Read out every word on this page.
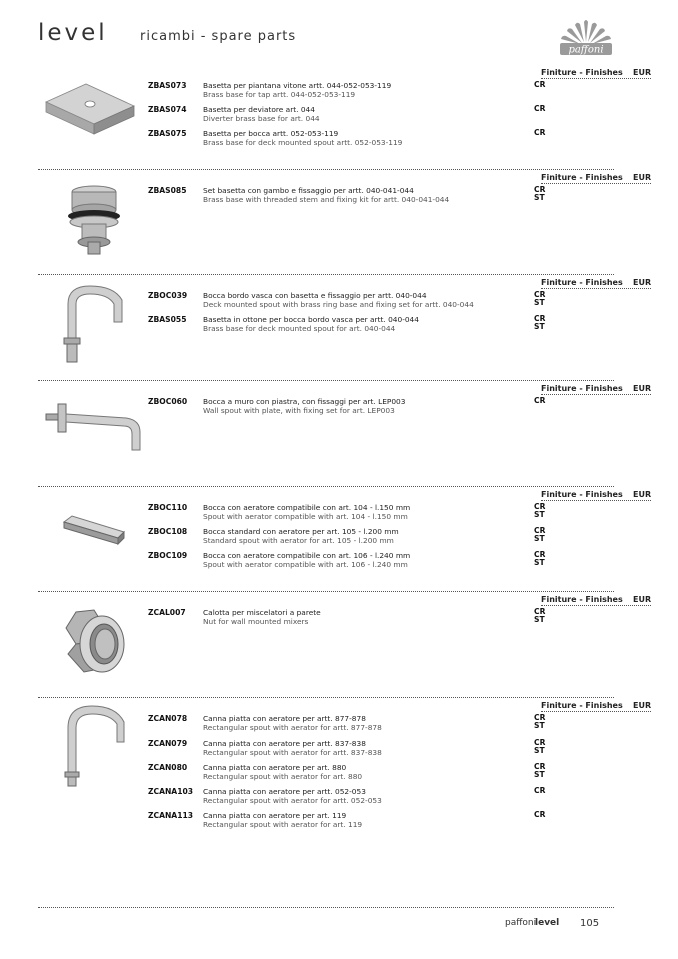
level ricambi - spare parts
paffoni
Finiture - Finishes EUR
ZBAS073 Basetta per piantana vitone artt. 044-052-053-119
Brass base for tap artt. 044-052-053-119
CR
ZBAS074 Basetta per deviatore art. 044
Diverter brass base for art. 044
CR
ZBAS075 Basetta per bocca artt. 052-053-119
Brass base for deck mounted spout artt. 052-053-119
CR
Finiture - Finishes EUR
ZBAS085 Set basetta con gambo e fissaggio per artt. 040-041-044
Brass base with threaded stem and fixing kit for artt. 040-041-044
CR
ST
Finiture - Finishes EUR
ZBOC039 Bocca bordo vasca con basetta e fissaggio per artt. 040-044
Deck mounted spout with brass ring base and fixing set for artt. 040-044
CR
ST
ZBAS055 Basetta in ottone per bocca bordo vasca per artt. 040-044
Brass base for deck mounted spout for art. 040-044
CR
ST
Finiture - Finishes EUR
ZBOC060 Bocca a muro con piastra, con fissaggi per art. LEP003
Wall spout with plate, with fixing set for art. LEP003
CR
Finiture - Finishes EUR
ZBOC110 Bocca con aeratore compatibile con art. 104 - l.150 mm
Spout with aerator compatible with art. 104 - l.150 mm
CR
ST
ZBOC108 Bocca standard con aeratore per art. 105 - l.200 mm
Standard spout with aerator for art. 105 - l.200 mm
CR
ST
ZBOC109 Bocca con aeratore compatibile con art. 106 - l.240 mm
Spout with aerator compatible with art. 106 - l.240 mm
CR
ST
Finiture - Finishes EUR
ZCAL007 Calotta per miscelatori a parete
Nut for wall mounted mixers
CR
ST
Finiture - Finishes EUR
ZCAN078 Canna piatta con aeratore per artt. 877-878
Rectangular spout with aerator for artt. 877-878
CR
ST
ZCAN079 Canna piatta con aeratore per artt. 837-838
Rectangular spout with aerator for artt. 837-838
CR
ST
ZCAN080 Canna piatta con aeratore per art. 880
Rectangular spout with aerator for art. 880
CR
ST
ZCANA103 Canna piatta con aeratore per artt. 052-053
Rectangular spout with aerator for artt. 052-053
CR
ZCANA113 Canna piatta con aeratore per art. 119
Rectangular spout with aerator for art. 119
CR
paffoni
level 105
